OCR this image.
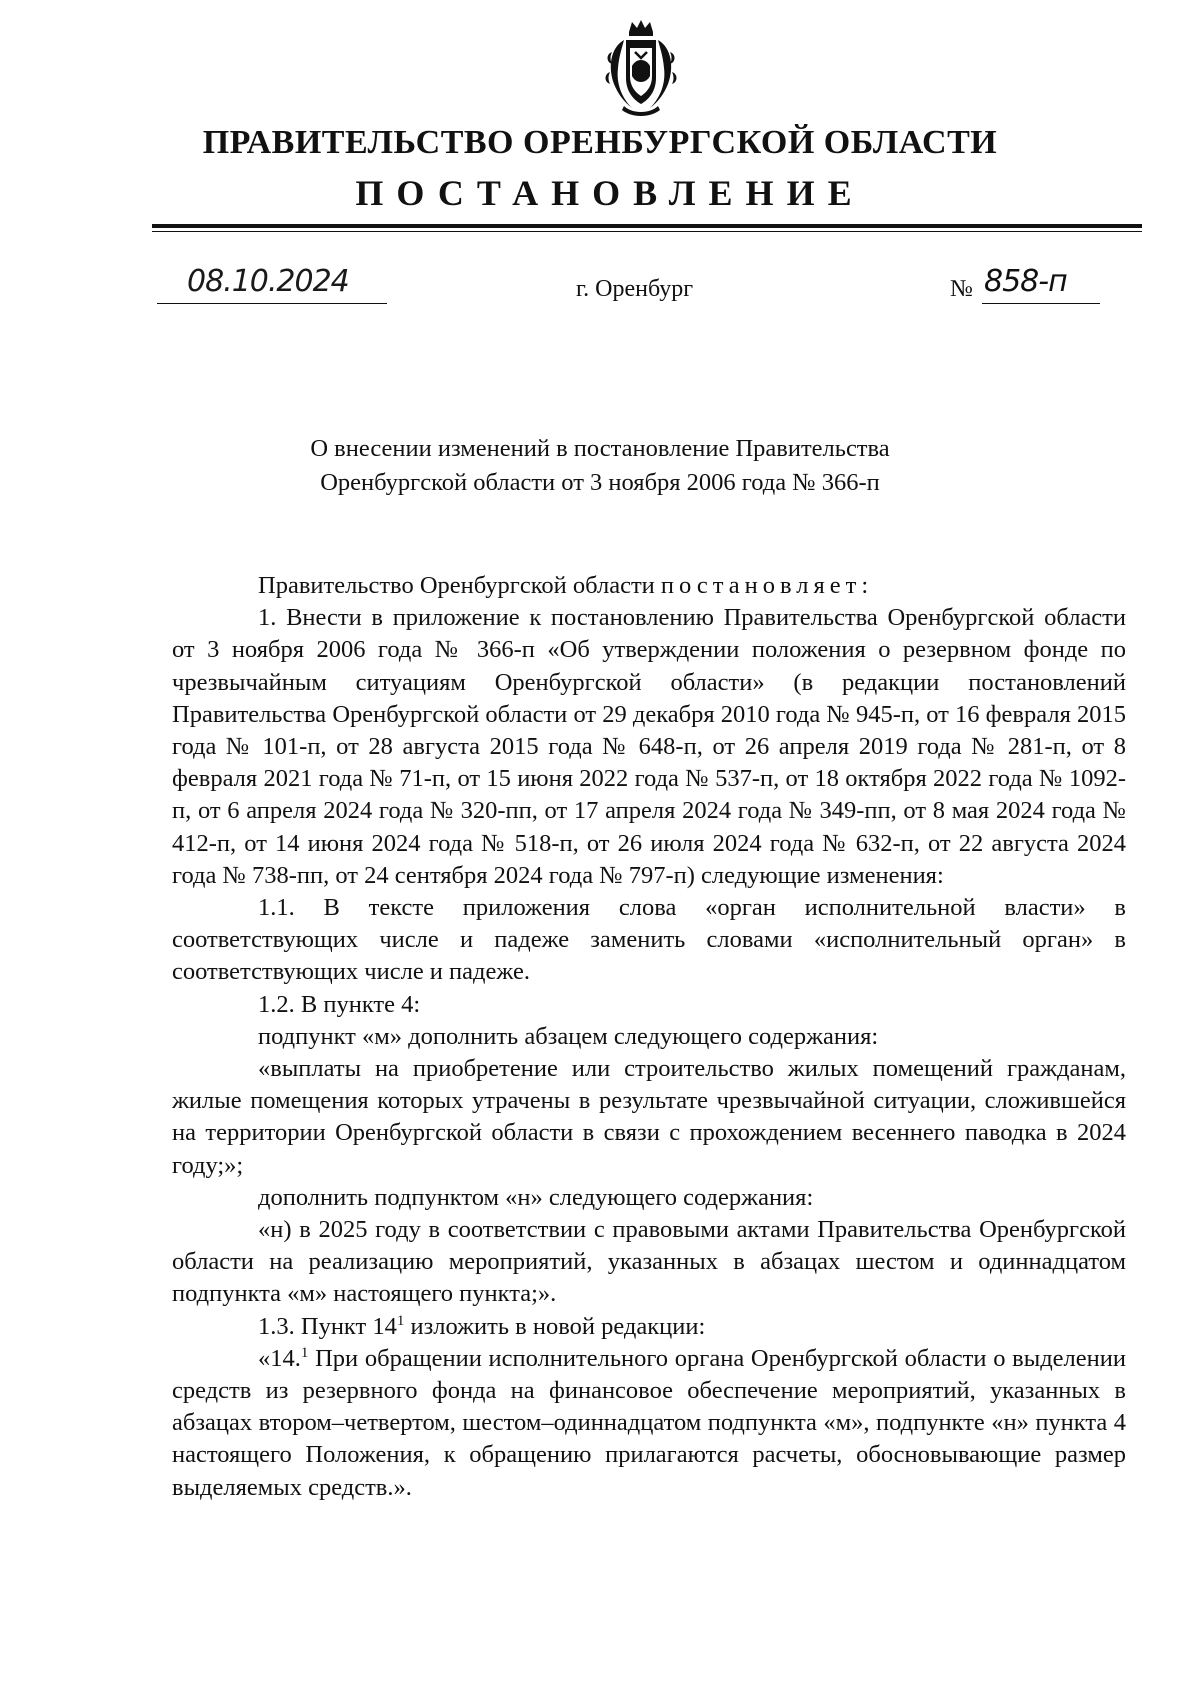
ПРАВИТЕЛЬСТВО ОРЕНБУРГСКОЙ ОБЛАСТИ
ПОСТАНОВЛЕНИЕ
08.10.2024	г. Оренбург	№ 858-п
О внесении изменений в постановление Правительства
Оренбургской области от 3 ноября 2006 года № 366-п

Правительство Оренбургской области постановляет:

1. Внести в приложение к постановлению Правительства Оренбургской области от 3 ноября 2006 года № 366-п «Об утверждении положения о резервном фонде по чрезвычайным ситуациям Оренбургской области» (в редакции постановлений Правительства Оренбургской области от 29 декабря 2010 года № 945-п, от 16 февраля 2015 года № 101-п, от 28 августа 2015 года № 648-п, от 26 апреля 2019 года № 281-п, от 8 февраля 2021 года № 71-п, от 15 июня 2022 года № 537-п, от 18 октября 2022 года № 1092-п, от 6 апреля 2024 года № 320-пп, от 17 апреля 2024 года № 349-пп, от 8 мая 2024 года № 412-п, от 14 июня 2024 года № 518-п, от 26 июля 2024 года № 632-п, от 22 августа 2024 года № 738-пп, от 24 сентября 2024 года № 797-п) следующие изменения:

1.1. В тексте приложения слова «орган исполнительной власти» в соответствующих числе и падеже заменить словами «исполнительный орган» в соответствующих числе и падеже.

1.2. В пункте 4:

подпункт «м» дополнить абзацем следующего содержания:

«выплаты на приобретение или строительство жилых помещений гражданам, жилые помещения которых утрачены в результате чрезвычайной ситуации, сложившейся на территории Оренбургской области в связи с прохождением весеннего паводка в 2024 году;»;

дополнить подпунктом «н» следующего содержания:

«н) в 2025 году в соответствии с правовыми актами Правительства Оренбургской области на реализацию мероприятий, указанных в абзацах шестом и одиннадцатом подпункта «м» настоящего пункта;».

1.3. Пункт $14^1$ изложить в новой редакции:

«14.$^1$ При обращении исполнительного органа Оренбургской области о выделении средств из резервного фонда на финансовое обеспечение мероприятий, указанных в абзацах втором–четвертом, шестом–одиннадцатом подпункта «м», подпункте «н» пункта 4 настоящего Положения, к обращению прилагаются расчеты, обосновывающие размер выделяемых средств.».
